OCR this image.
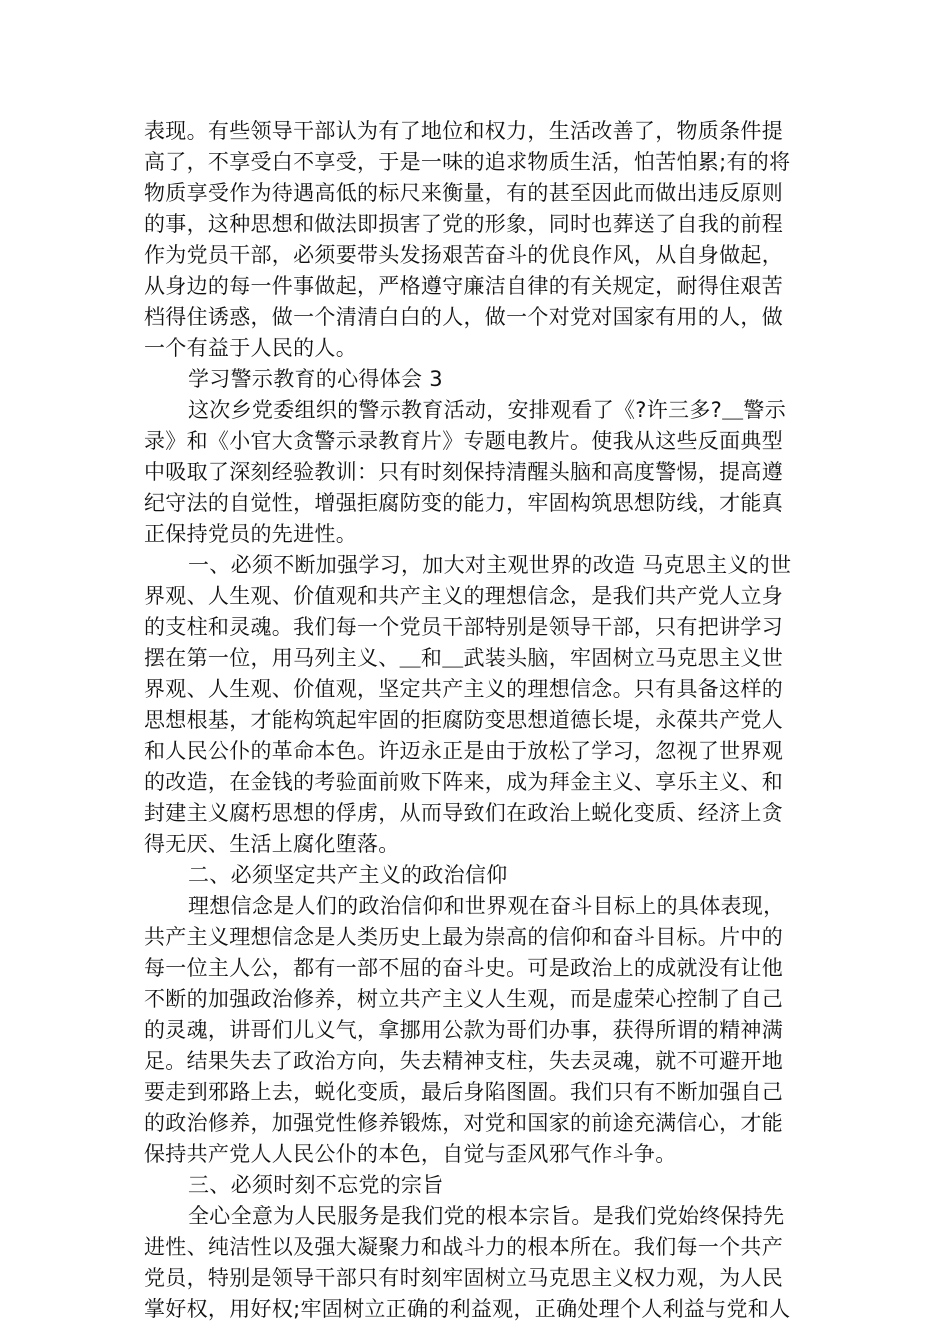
表现。有些领导干部认为有了地位和权力，生活改善了，物质条件提
高了，不享受白不享受，于是一味的追求物质生活，怕苦怕累;有的将
物质享受作为待遇高低的标尺来衡量，有的甚至因此而做出违反原则
的事，这种思想和做法即损害了党的形象，同时也葬送了自我的前程
作为党员干部，必须要带头发扬艰苦奋斗的优良作风，从自身做起，
从身边的每一件事做起，严格遵守廉洁自律的有关规定，耐得住艰苦
档得住诱惑，做一个清清白白的人，做一个对党对国家有用的人，做
一个有益于人民的人。
学习警示教育的心得体会 3
这次乡党委组织的警示教育活动，安排观看了《?许三多?＿警示
录》和《小官大贪警示录教育片》专题电教片。使我从这些反面典型
中吸取了深刻经验教训：只有时刻保持清醒头脑和高度警惕，提高遵
纪守法的自觉性，增强拒腐防变的能力，牢固构筑思想防线，才能真
正保持党员的先进性。
一、必须不断加强学习，加大对主观世界的改造 马克思主义的世
界观、人生观、价值观和共产主义的理想信念，是我们共产党人立身
的支柱和灵魂。我们每一个党员干部特别是领导干部，只有把讲学习
摆在第一位，用马列主义、＿和＿武装头脑，牢固树立马克思主义世
界观、人生观、价值观，坚定共产主义的理想信念。只有具备这样的
思想根基，才能构筑起牢固的拒腐防变思想道德长堤，永葆共产党人
和人民公仆的革命本色。许迈永正是由于放松了学习，忽视了世界观
的改造，在金钱的考验面前败下阵来，成为拜金主义、享乐主义、和
封建主义腐朽思想的俘虏，从而导致们在政治上蜕化变质、经济上贪
得无厌、生活上腐化堕落。
二、必须坚定共产主义的政治信仰
理想信念是人们的政治信仰和世界观在奋斗目标上的具体表现，
共产主义理想信念是人类历史上最为崇高的信仰和奋斗目标。片中的
每一位主人公，都有一部不屈的奋斗史。可是政治上的成就没有让他
不断的加强政治修养，树立共产主义人生观，而是虚荣心控制了自己
的灵魂，讲哥们儿义气，拿挪用公款为哥们办事，获得所谓的精神满
足。结果失去了政治方向，失去精神支柱，失去灵魂，就不可避开地
要走到邪路上去，蜕化变质，最后身陷图圄。我们只有不断加强自己
的政治修养，加强党性修养锻炼，对党和国家的前途充满信心，才能
保持共产党人人民公仆的本色，自觉与歪风邪气作斗争。
三、必须时刻不忘党的宗旨
全心全意为人民服务是我们党的根本宗旨。是我们党始终保持先
进性、纯洁性以及强大凝聚力和战斗力的根本所在。我们每一个共产
党员，特别是领导干部只有时刻牢固树立马克思主义权力观，为人民
掌好权，用好权;牢固树立正确的利益观，正确处理个人利益与党和人
